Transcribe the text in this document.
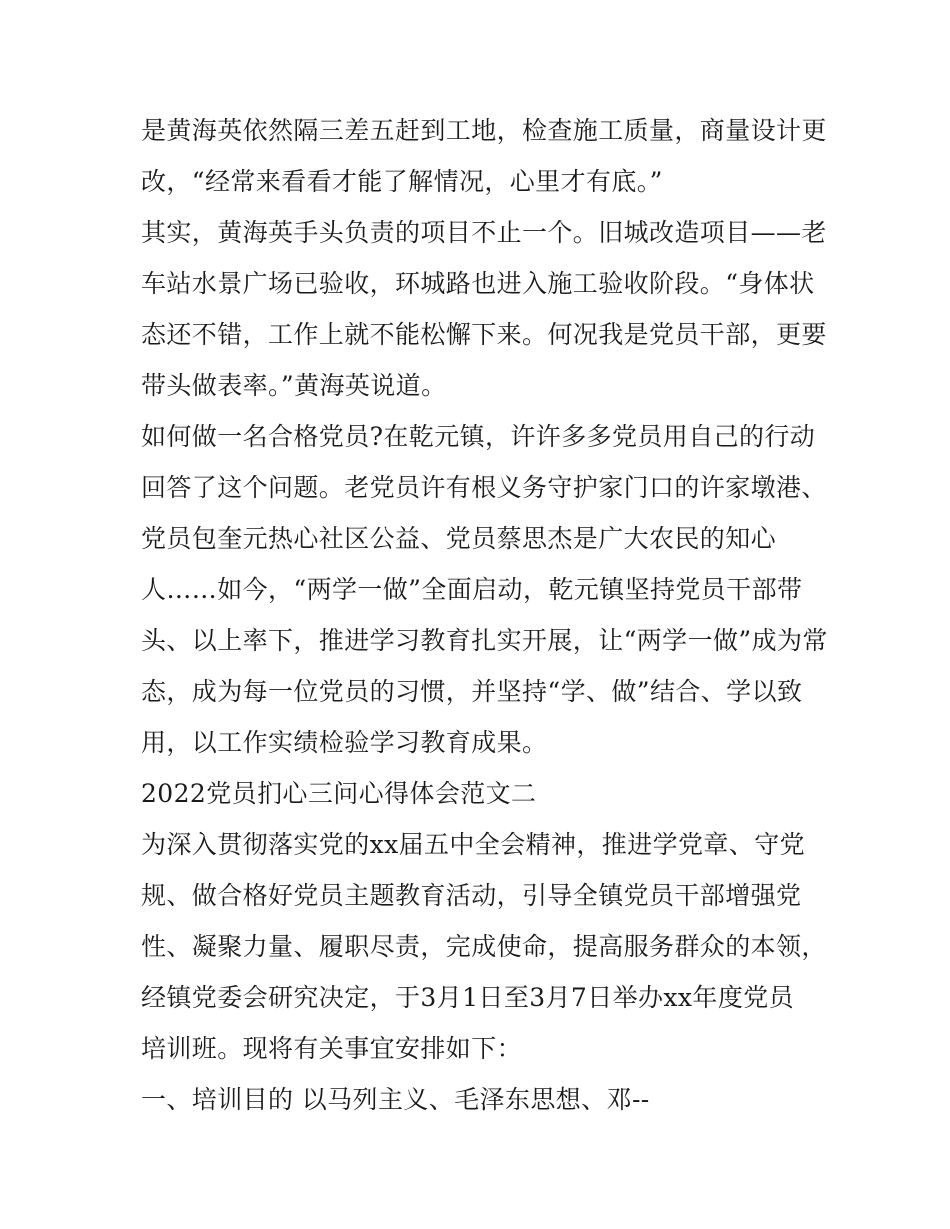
是黄海英依然隔三差五赶到工地，检查施工质量，商量设计更
改，“经常来看看才能了解情况，心里才有底。”
其实，黄海英手头负责的项目不止一个。旧城改造项目——老
车站水景广场已验收，环城路也进入施工验收阶段。“身体状
态还不错，工作上就不能松懈下来。何况我是党员干部，更要
带头做表率。”黄海英说道。
如何做一名合格党员?在乾元镇，许许多多党员用自己的行动
回答了这个问题。老党员许有根义务守护家门口的许家墩港、
党员包奎元热心社区公益、党员蔡思杰是广大农民的知心
人……如今，“两学一做”全面启动，乾元镇坚持党员干部带
头、以上率下，推进学习教育扎实开展，让“两学一做”成为常
态，成为每一位党员的习惯，并坚持“学、做”结合、学以致
用，以工作实绩检验学习教育成果。
2022党员扪心三问心得体会范文二
为深入贯彻落实党的xx届五中全会精神，推进学党章、守党
规、做合格好党员主题教育活动，引导全镇党员干部增强党
性、凝聚力量、履职尽责，完成使命，提高服务群众的本领，
经镇党委会研究决定，于3月1日至3月7日举办xx年度党员
培训班。现将有关事宜安排如下：
一、培训目的 以马列主义、毛泽东思想、邓--
